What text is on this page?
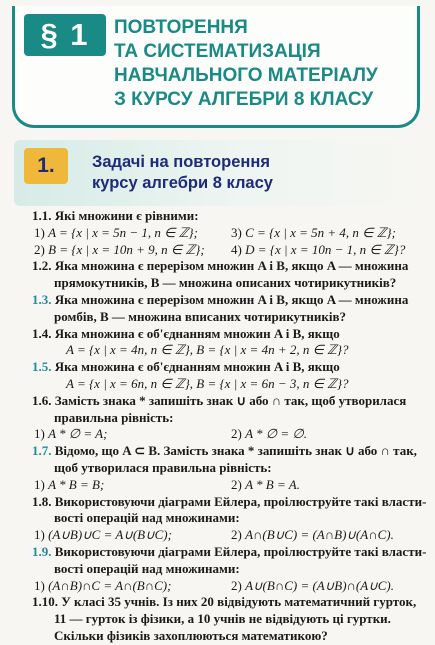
§ 1	ПОВТОРЕННЯ
ТА СИСТЕМАТИЗАЦІЯ
НАВЧАЛЬНОГО МАТЕРІАЛУ
З КУРСУ АЛГЕБРИ 8 КЛАСУ
1.	Задачі на повторення
курсу алгебри 8 класу
1.1. Які множини є рівними:
1) A = {x | x = 5n − 1, n ∈ ℤ};	3) C = {x | x = 5n + 4, n ∈ ℤ};
2) B = {x | x = 10n + 9, n ∈ ℤ};	4) D = {x | x = 10n − 1, n ∈ ℤ}?
1.2. Яка множина є перерізом множин A і B, якщо A — множина
прямокутників, B — множина описаних чотирикутників?
1.3. Яка множина є перерізом множин A і B, якщо A — множина
ромбів, B — множина вписаних чотирикутників?
1.4. Яка множина є об'єднанням множин A і B, якщо
A = {x | x = 4n, n ∈ ℤ}, B = {x | x = 4n + 2, n ∈ ℤ}?
1.5. Яка множина є об'єднанням множин A і B, якщо
A = {x | x = 6n, n ∈ ℤ}, B = {x | x = 6n − 3, n ∈ ℤ}?
1.6. Замість знака * запишіть знак ∪ або ∩ так, щоб утворилася
правильна рівність:
1) A * ∅ = A;	2) A * ∅ = ∅.
1.7. Відомо, що A ⊂ B. Замість знака * запишіть знак ∪ або ∩ так,
щоб утворилася правильна рівність:
1) A * B = B;	2) A * B = A.
1.8. Використовуючи діаграми Ейлера, проілюструйте такі власти-
вості операцій над множинами:
1) (A∪B)∪C = A∪(B∪C);	2) A∩(B∪C) = (A∩B)∪(A∩C).
1.9. Використовуючи діаграми Ейлера, проілюструйте такі власти-
вості операцій над множинами:
1) (A∩B)∩C = A∩(B∩C);	2) A∪(B∩C) = (A∪B)∩(A∪C).
1.10. У класі 35 учнів. Із них 20 відвідують математичний гурток,
11 — гурток із фізики, а 10 учнів не відвідують ці гуртки.
Скільки фізиків захоплюються математикою?
